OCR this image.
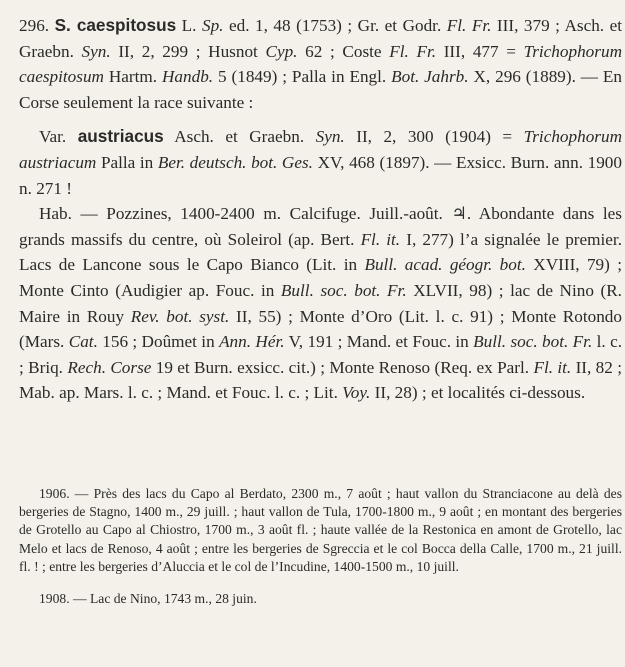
296. S. caespitosus L. Sp. ed. 1, 48 (1753) ; Gr. et Godr. Fl. Fr. III, 379 ; Asch. et Graebn. Syn. II, 2, 299 ; Husnot Cyp. 62 ; Coste Fl. Fr. III, 477 = Trichophorum caespitosum Hartm. Handb. 5 (1849) ; Palla in Engl. Bot. Jahrb. X, 296 (1889). — En Corse seulement la race suivante :

Var. austriacus Asch. et Graebn. Syn. II, 2, 300 (1904) = Trichophorum austriacum Palla in Ber. deutsch. bot. Ges. XV, 468 (1897). — Exsicc. Burn. ann. 1900 n. 271 !

Hab. — Pozzines, 1400-2400 m. Calcifuge. Juill.-août. ♃. Abondante dans les grands massifs du centre, où Soleirol (ap. Bert. Fl. it. I, 277) l’a signalée le premier. Lacs de Lancone sous le Capo Bianco (Lit. in Bull. acad. géogr. bot. XVIII, 79) ; Monte Cinto (Audigier ap. Fouc. in Bull. soc. bot. Fr. XLVII, 98) ; lac de Nino (R. Maire in Rouy Rev. bot. syst. II, 55) ; Monte d’Oro (Lit. l. c. 91) ; Monte Rotondo (Mars. Cat. 156 ; Doûmet in Ann. Hér. V, 191 ; Mand. et Fouc. in Bull. soc. bot. Fr. l. c. ; Briq. Rech. Corse 19 et Burn. exsicc. cit.) ; Monte Renoso (Req. ex Parl. Fl. it. II, 82 ; Mab. ap. Mars. l. c. ; Mand. et Fouc. l. c. ; Lit. Voy. II, 28) ; et localités ci-dessous.

1906. — Près des lacs du Capo al Berdato, 2300 m., 7 août ; haut vallon du Stranciacone au delà des bergeries de Stagno, 1400 m., 29 juill. ; haut vallon de Tula, 1700-1800 m., 9 août ; en montant des bergeries de Grotello au Capo al Chiostro, 1700 m., 3 août fl. ; haute vallée de la Restonica en amont de Grotello, lac Melo et lacs de Renoso, 4 août ; entre les bergeries de Sgreccia et le col Bocca della Calle, 1700 m., 21 juill. fl. ! ; entre les bergeries d’Aluccia et le col de l’Incudine, 1400-1500 m., 10 juill.

1908. — Lac de Nino, 1743 m., 28 juin.
